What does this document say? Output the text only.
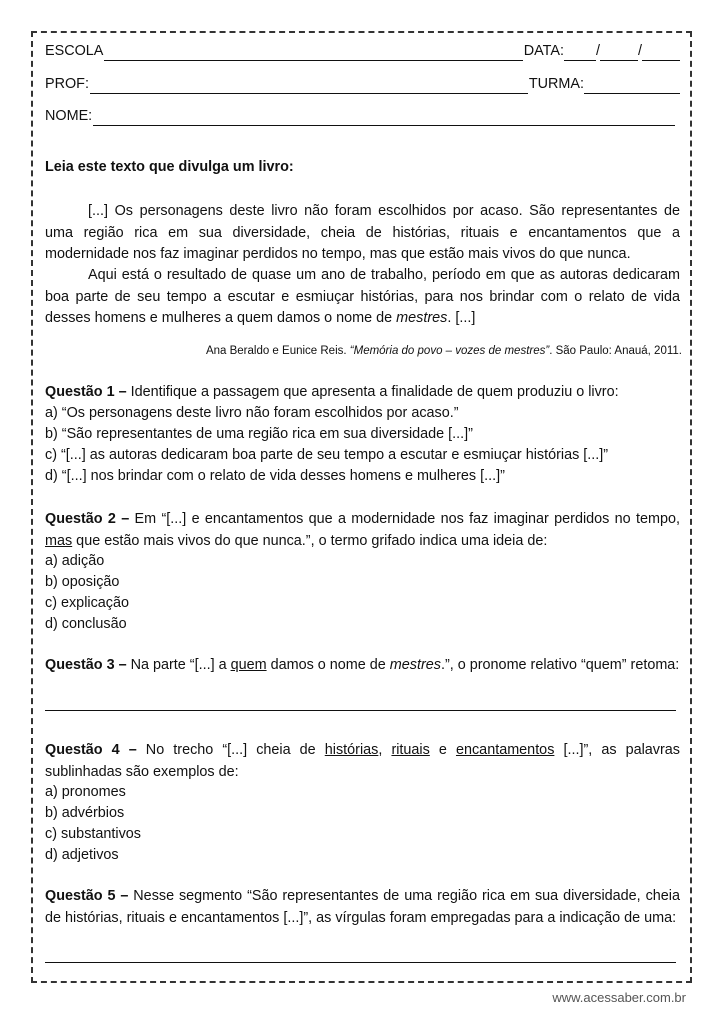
ESCOLA	DATA: /	/
PROF:	TURMA:
NOME:
Leia este texto que divulga um livro:
[...] Os personagens deste livro não foram escolhidos por acaso. São representantes de uma região rica em sua diversidade, cheia de histórias, rituais e encantamentos que a modernidade nos faz imaginar perdidos no tempo, mas que estão mais vivos do que nunca.
Aqui está o resultado de quase um ano de trabalho, período em que as autoras dedicaram boa parte de seu tempo a escutar e esmiuçar histórias, para nos brindar com o relato de vida desses homens e mulheres a quem damos o nome de mestres. [...]
Ana Beraldo e Eunice Reis. “Memória do povo – vozes de mestres”. São Paulo: Anauá, 2011.
Questão 1 – Identifique a passagem que apresenta a finalidade de quem produziu o livro:
a) “Os personagens deste livro não foram escolhidos por acaso.”
b) “São representantes de uma região rica em sua diversidade [...]”
c) “[...] as autoras dedicaram boa parte de seu tempo a escutar e esmiuçar histórias [...]”
d) “[...] nos brindar com o relato de vida desses homens e mulheres [...]”
Questão 2 – Em “[...] e encantamentos que a modernidade nos faz imaginar perdidos no tempo, mas que estão mais vivos do que nunca.”, o termo grifado indica uma ideia de:
a) adição
b) oposição
c) explicação
d) conclusão
Questão 3 – Na parte “[...] a quem damos o nome de mestres.”, o pronome relativo “quem” retoma:
Questão 4 – No trecho “[...] cheia de histórias, rituais e encantamentos [...]”, as palavras sublinhadas são exemplos de:
a) pronomes
b) advérbios
c) substantivos
d) adjetivos
Questão 5 – Nesse segmento “São representantes de uma região rica em sua diversidade, cheia de histórias, rituais e encantamentos [...]”, as vírgulas foram empregadas para a indicação de uma:
www.acessaber.com.br
